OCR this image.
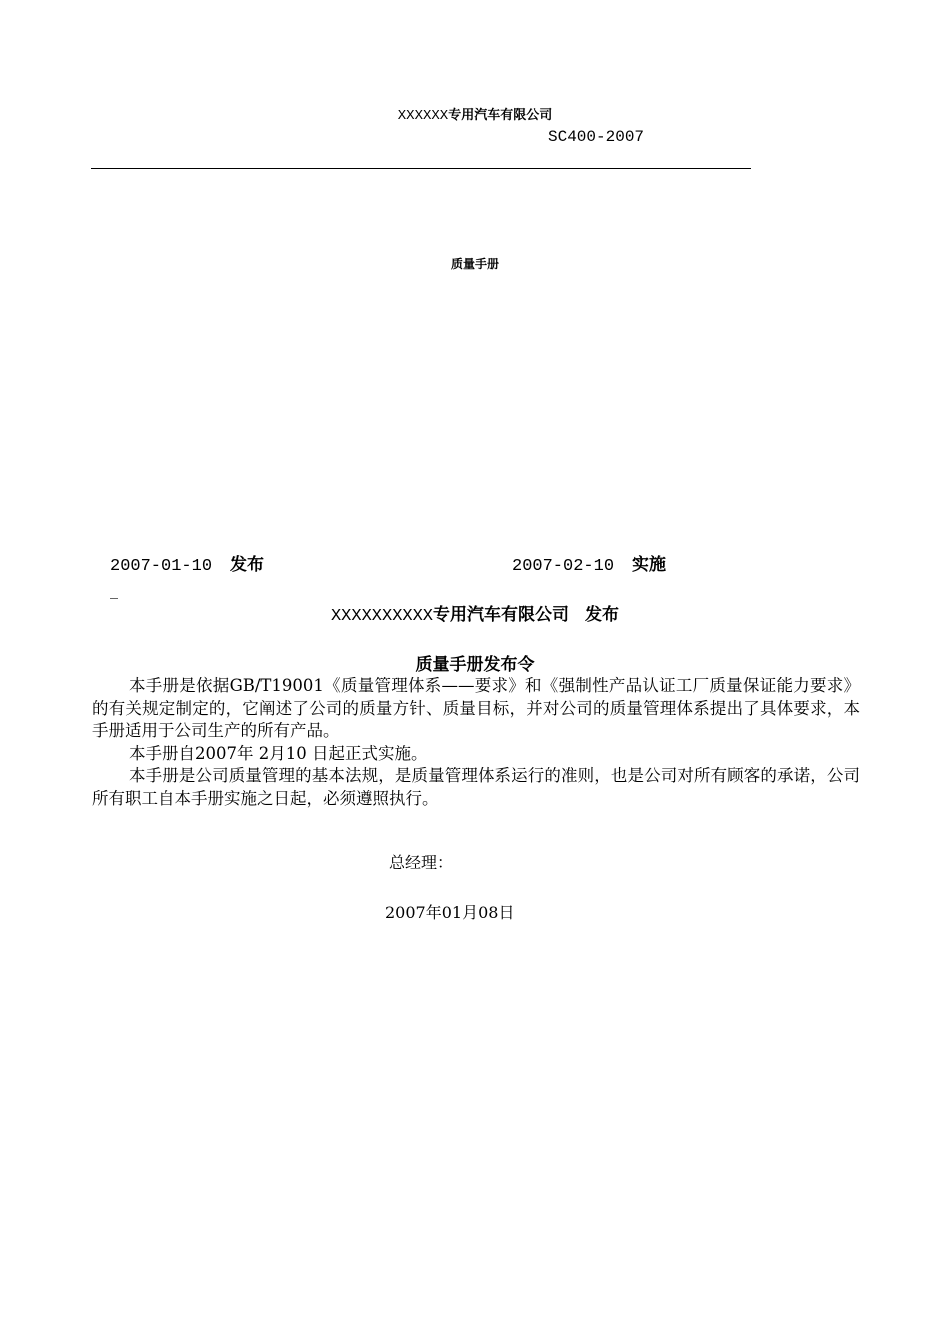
XXXXXX专用汽车有限公司
SC400-2007
质量手册
2007-01-10 发布	2007-02-10 实施
_
XXXXXXXXXX专用汽车有限公司 发布
质量手册发布令

本手册是依据GB/T19001《质量管理体系——要求》和《强制性产品认证工厂质量保证能力要求》的有关规定制定的，它阐述了公司的质量方针、质量目标，并对公司的质量管理体系提出了具体要求，本手册适用于公司生产的所有产品。

本手册自2007年 2月10 日起正式实施。

本手册是公司质量管理的基本法规，是质量管理体系运行的准则，也是公司对所有顾客的承诺，公司所有职工自本手册实施之日起，必须遵照执行。

总经理：
2007年01月08日
